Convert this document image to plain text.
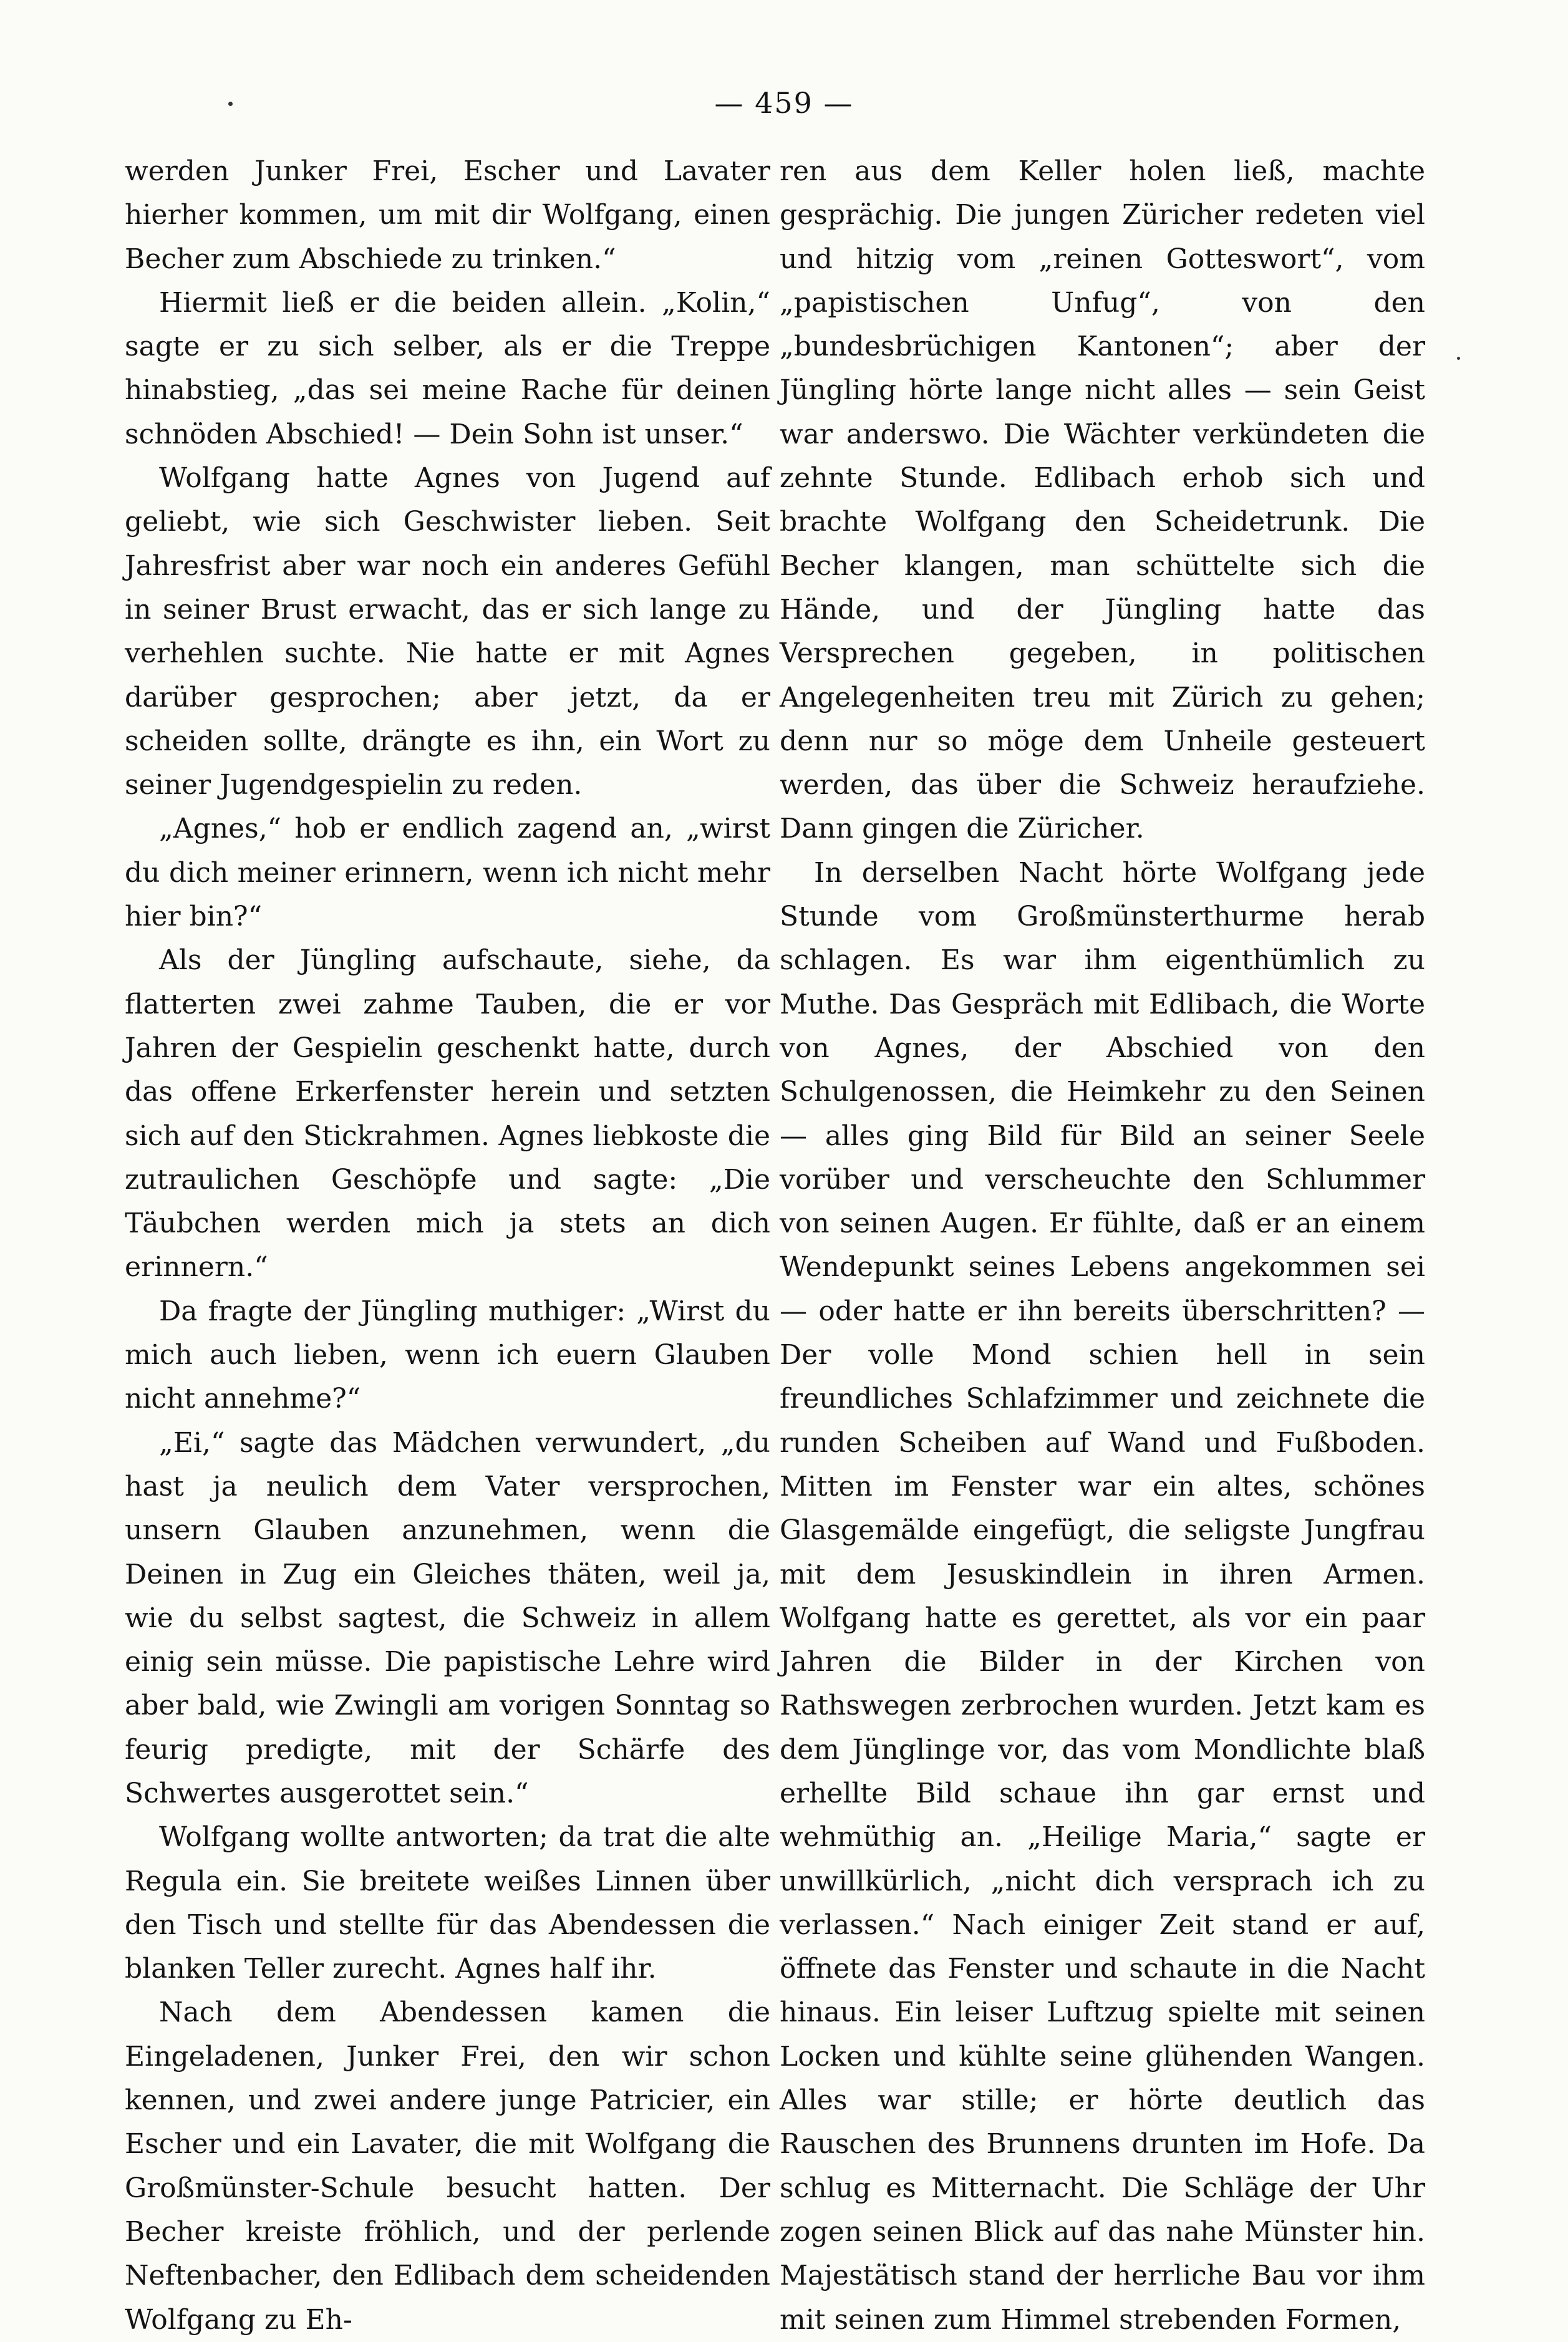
— 459 —

werden Junker Frei, Escher und Lavater hierher kommen, um mit dir Wolfgang, einen Becher zum Abschiede zu trinken.“

Hiermit ließ er die beiden allein. „Kolin,“ sagte er zu sich selber, als er die Treppe hinabstieg, „das sei meine Rache für deinen schnöden Abschied! — Dein Sohn ist unser.“

Wolfgang hatte Agnes von Jugend auf geliebt, wie sich Geschwister lieben. Seit Jahresfrist aber war noch ein anderes Gefühl in seiner Brust erwacht, das er sich lange zu verhehlen suchte. Nie hatte er mit Agnes darüber gesprochen; aber jetzt, da er scheiden sollte, drängte es ihn, ein Wort zu seiner Jugendgespielin zu reden.

„Agnes,“ hob er endlich zagend an, „wirst du dich meiner erinnern, wenn ich nicht mehr hier bin?“

Als der Jüngling aufschaute, siehe, da flatterten zwei zahme Tauben, die er vor Jahren der Gespielin geschenkt hatte, durch das offene Erkerfenster herein und setzten sich auf den Stickrahmen. Agnes liebkoste die zutraulichen Geschöpfe und sagte: „Die Täubchen werden mich ja stets an dich erinnern.“

Da fragte der Jüngling muthiger: „Wirst du mich auch lieben, wenn ich euern Glauben nicht annehme?“

„Ei,“ sagte das Mädchen verwundert, „du hast ja neulich dem Vater versprochen, unsern Glauben anzunehmen, wenn die Deinen in Zug ein Gleiches thäten, weil ja, wie du selbst sagtest, die Schweiz in allem einig sein müsse. Die papistische Lehre wird aber bald, wie Zwingli am vorigen Sonntag so feurig predigte, mit der Schärfe des Schwertes ausgerottet sein.“

Wolfgang wollte antworten; da trat die alte Regula ein. Sie breitete weißes Linnen über den Tisch und stellte für das Abendessen die blanken Teller zurecht. Agnes half ihr.

Nach dem Abendessen kamen die Eingeladenen, Junker Frei, den wir schon kennen, und zwei andere junge Patricier, ein Escher und ein Lavater, die mit Wolfgang die Großmünster-Schule besucht hatten. Der Becher kreiste fröhlich, und der perlende Neftenbacher, den Edlibach dem scheidenden Wolfgang zu Eh-

ren aus dem Keller holen ließ, machte gesprächig. Die jungen Züricher redeten viel und hitzig vom „reinen Gotteswort“, vom „papistischen Unfug“, von den „bundesbrüchigen Kantonen“; aber der Jüngling hörte lange nicht alles — sein Geist war anderswo. Die Wächter verkündeten die zehnte Stunde. Edlibach erhob sich und brachte Wolfgang den Scheidetrunk. Die Becher klangen, man schüttelte sich die Hände, und der Jüngling hatte das Versprechen gegeben, in politischen Angelegenheiten treu mit Zürich zu gehen; denn nur so möge dem Unheile gesteuert werden, das über die Schweiz heraufziehe. Dann gingen die Züricher.

In derselben Nacht hörte Wolfgang jede Stunde vom Großmünsterthurme herab schlagen. Es war ihm eigenthümlich zu Muthe. Das Gespräch mit Edlibach, die Worte von Agnes, der Abschied von den Schulgenossen, die Heimkehr zu den Seinen — alles ging Bild für Bild an seiner Seele vorüber und verscheuchte den Schlummer von seinen Augen. Er fühlte, daß er an einem Wendepunkt seines Lebens angekommen sei — oder hatte er ihn bereits überschritten? — Der volle Mond schien hell in sein freundliches Schlafzimmer und zeichnete die runden Scheiben auf Wand und Fußboden. Mitten im Fenster war ein altes, schönes Glasgemälde eingefügt, die seligste Jungfrau mit dem Jesuskindlein in ihren Armen. Wolfgang hatte es gerettet, als vor ein paar Jahren die Bilder in der Kirchen von Rathswegen zerbrochen wurden. Jetzt kam es dem Jünglinge vor, das vom Mondlichte blaß erhellte Bild schaue ihn gar ernst und wehmüthig an. „Heilige Maria,“ sagte er unwillkürlich, „nicht dich versprach ich zu verlassen.“ Nach einiger Zeit stand er auf, öffnete das Fenster und schaute in die Nacht hinaus. Ein leiser Luftzug spielte mit seinen Locken und kühlte seine glühenden Wangen. Alles war stille; er hörte deutlich das Rauschen des Brunnens drunten im Hofe. Da schlug es Mitternacht. Die Schläge der Uhr zogen seinen Blick auf das nahe Münster hin. Majestätisch stand der herrliche Bau vor ihm mit seinen zum Himmel strebenden Formen,
